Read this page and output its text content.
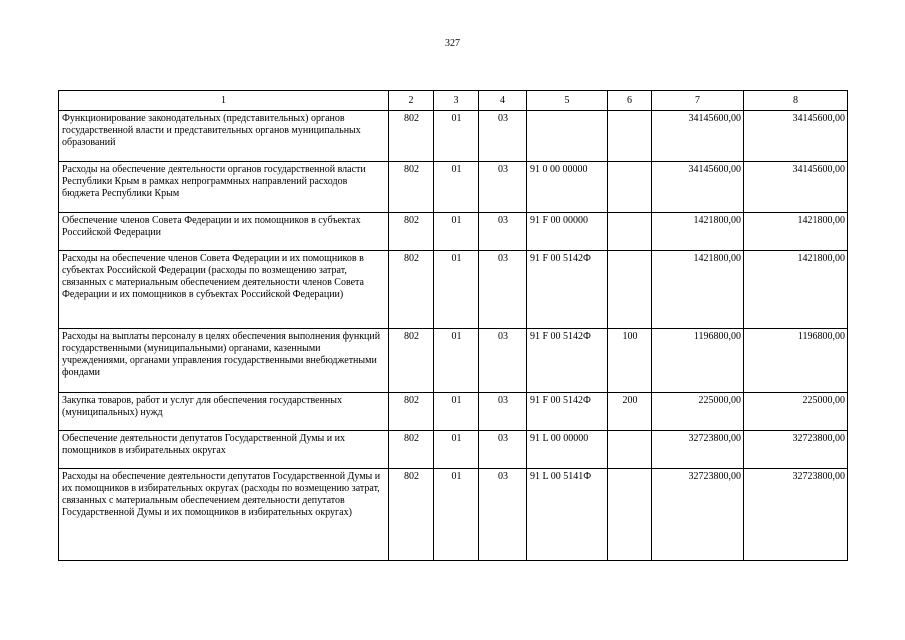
327
1	2	3	4	5	6	7	8
Функционирование законодательных (представительных) органов государственной власти и представительных органов муниципальных образований	802	01	03			34145600,00	34145600,00
Расходы на обеспечение деятельности органов государственной власти Республики Крым в рамках непрограммных направлений расходов бюджета Республики Крым	802	01	03	91 0 00 00000		34145600,00	34145600,00
Обеспечение членов Совета Федерации и их помощников в субъектах Российской Федерации	802	01	03	91 F 00 00000		1421800,00	1421800,00
Расходы на обеспечение членов Совета Федерации и их помощников в субъектах Российской Федерации (расходы по возмещению затрат, связанных с материальным обеспечением деятельности членов Совета Федерации и их помощников в субъектах Российской Федерации)	802	01	03	91 F 00 5142Ф		1421800,00	1421800,00
Расходы на выплаты персоналу в целях обеспечения выполнения функций государственными (муниципальными) органами, казенными учреждениями, органами управления государственными внебюджетными фондами	802	01	03	91 F 00 5142Ф	100	1196800,00	1196800,00
Закупка товаров, работ и услуг для обеспечения государственных (муниципальных) нужд	802	01	03	91 F 00 5142Ф	200	225000,00	225000,00
Обеспечение деятельности депутатов Государственной Думы и их помощников в избирательных округах	802	01	03	91 L 00 00000		32723800,00	32723800,00
Расходы на обеспечение деятельности депутатов Государственной Думы и их помощников в избирательных округах (расходы по возмещению затрат, связанных с материальным обеспечением деятельности депутатов Государственной Думы и их помощников в избирательных округах)	802	01	03	91 L 00 5141Ф		32723800,00	32723800,00
